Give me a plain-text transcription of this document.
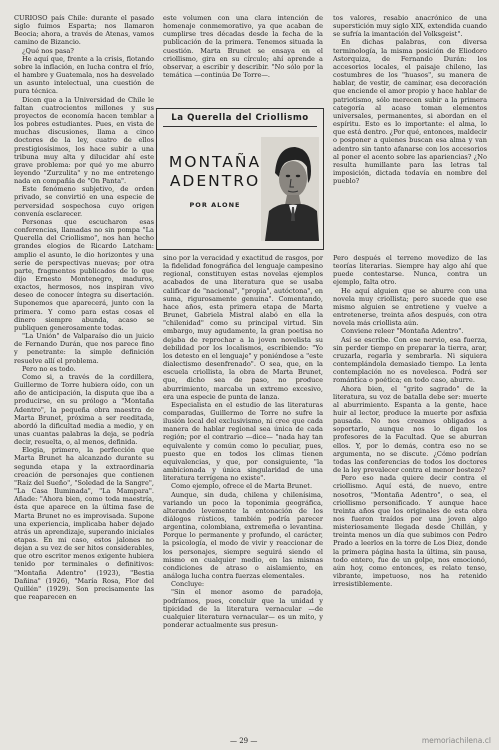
CURIOSO país Chile: durante el pasado siglo fuimos Esparta; nos llamaron Beocia; ahora, a través de Atenas, vamos camino de Bizancio.

¿Qué nos pasa?

He aquí que, frente a la crisis, flotando sobre la inflación, en lucha contra el frío, el hambre y Guatemala, nos ha desvelado un asunto intelectual, una cuestión de pura técnica.

Dicen que a la Universidad de Chile le faltan cuatrocientos millones y sus proyectos de economía hacen temblar a los pobres estudiantes. Pues, en vista de muchas discusiones, llama a cinco doctores de la ley, cuatro de ellos prestigiosísimos, los hace subir a una tribuna muy alta y dilucidar ahí este grave problema: por qué yo me aburro leyendo "Zurzulita" y no me entretengo nada en compañía de "On Panta".

Este fenómeno subjetivo, de orden privado, se convirtió en una especie de perversidad sospechosa cuyo origen convenía esclarecer.

Personas que escucharon esas conferencias, llamadas no sin pompa "La Querella del Criollismo", nos han hecho grandes elogios de Ricardo Latcham: amplio el asunto, le dio horizontes y una serie de perspectivas nuevas; por otra parte, fragmentos publicados de lo que dijo Ernesto Montenegro, maduros, exactos, hermosos, nos inspiran vivo deseo de conocer íntegra su disertación. Suponemos que aparecerá, junto con la primera. Y como para estas cosas el dinero siempre abunda, acaso se publiquen generosamente todas.

"La Unión" de Valparaíso dio un juicio de Fernando Durán, que nos parece fino y penetrante: la simple definición resuelve allí el problema.

Pero no es todo.

Como si, a través de la cordillera, Guillermo de Torre hubiera oído, con un año de anticipación, la disputa que iba a producirse, en su prólogo a "Montaña Adentro", la pequeña obra maestra de Marta Brunet, próxima a ser reeditada, abordó la dificultad media a medio, y en unas cuantas palabras la deja, se podría decir, resuelta, o, al menos, definida.

Elogia, primero, la perfección que Marta Brunet ha alcanzado durante su segunda etapa y la extraordinaria creación de personajes que contienen "Raíz del Sueño", "Soledad de la Sangre", "La Casa Iluminada", "La Mampara". Añade: "Ahora bien, como toda maestría, ésta que aparece en la última fase de Marta Brunet no es improvisada. Supone una experiencia, implicaba haber dejado atrás un aprendizaje, superando iniciales etapas. En mi caso, estos jalones no dejan a su vez de ser hitos considerables, que otro escritor menos exigente hubiera tenido por terminales o definitivos: "Montaña Adentro" (1923), "Bestia Dañina" (1926), "María Rosa, Flor del Quillén" (1929). Son precisamente las que reaparecen en

este volumen con una clara intención de homenaje conmemorativo, ya que acaban de cumplirse tres décadas desde la fecha de la publicación de la primera. Tenemos situada la cuestión. Marta Brunet se ensaya en el criollismo, gira en su círculo; ahí aprende a observar, a escribir y describir. "No sólo por la temática —continúa De Torre—.

tos valores, resabio anacrónico de una superstición muy siglo XIX, extendida cuando se sufría la imantación del Volksgeist".

En dichas palabras, con diversa terminología, la misma posición de Eliodoro Astorquiza, de Fernando Durán: los accesorios locales, el paisaje chileno, las costumbres de los "huasos", su manera de hablar, de vestir, de caminar, esa decoración que enciende el amor propio y hace hablar de patriotismo, sólo merecen subir a la primera categoría al acaso toman elementos universales, permanentes, si abordan en el espíritu. Esto es lo importante: el alma, lo que está dentro. ¿Por qué, entonces, maldecir o posponer a quienes buscan esa alma y van adentro sin tanto afanarse con los accesorios al poner el acento sobre las apariencias? ¿No resulta humillante para las letras tal imposición, dictada todavía en nombre del pueblo?

La Querella del Criollismo
MONTAÑA
ADENTRO
POR ALONE

sino por la veracidad y exactitud de rasgos, por la fidelidad fonográfica del lenguaje campesino regional, constituyen estas novelas ejemplos acabados de una literatura que se usaba calificar de "nacional", "propia", autóctona", en suma, rigurosamente genuina". Comentando, hace años, esta primera etapa de Marta Brunet, Gabriela Mistral alabó en ella la "chilenidad" como su principal virtud. Sin embargo, muy agudamente, la gran poetisa no dejaba de reprochar a la joven novelista su debilidad por los localismos, escribiendo: "Yo los detesto en el lenguaje" y poniéndose a "este dialectismo desenfrenado". O sea, que, en la escuela criollista, la obra de Marta Brunet, que, dicho sea de paso, no produce aburrimiento, marcaba un extremo excesivo, era una especie de punta de lanza.

Especialista en el estudio de las literaturas comparadas, Guillermo de Torre no sufre la ilusión local del exclusivismo, ni cree que cada manera de hablar regional sea única de cada región; por el contrario —dice— "nada hay tan equivalente y común como lo peculiar, pues, puesto que en todos los climas tienen equivalencias, y que, por consiguiente, "la ambicionada y única singularidad de una literatura terrígena no existe".

Como ejemplo, ofrece el de Marta Brunet.

Aunque, sin duda, chilena y chilenísima, variando un poco la toponimia geográfica, alterando levemente la entonación de los diálogos rústicos, también podría parecer argentina, colombiana, extremeña o levantina. Porque lo permanente y profundo, el carácter, la psicología, el modo de vivir y reaccionar de los personajes, siempre seguirá siendo el mismo en cualquier medio, en las mismas condiciones de atraso o aislamiento, en análoga lucha contra fuerzas elementales.

Concluye:

"Sin el menor asomo de paradoja, podríamos, pues, concluir que la unidad y tipicidad de la literatura vernacular —de cualquier literatura vernacular— es un mito, y ponderar actualmente sus presun-

Pero después el terreno movedizo de las teorías literarias. Siempre hay algo ahí que puede contestarse. Nunca, contra un ejemplo, falta otro.

He aquí alguien que se aburre con una novela muy criollista; pero sucede que ese mismo alguien se entretiene y vuelve a entretenerse, treinta años después, con otra novela más criollista aún.

Conviene releer "Montaña Adentro".

Así se escribe. Con ese nervio, esa fuerza, sin perder tiempo en preparar la tierra, arar, cruzarla, regarla y sembrarla. Ni siquiera contemplándola demasiado tiempo. La lenta contemplación no es novelesca. Podrá ser romántica o poética; en todo caso, aburre.

Ahora bien, el "grito sagrado" de la literatura, su voz de batalla debe ser: muerte al aburrimiento. Espanta a la gente, hace huir al lector, produce la muerte por asfixia pausada. No nos creamos obligados a soportarlo, aunque nos lo digan los profesores de la Facultad. Que se aburran ellos. Y, por lo demás, contra eso no se argumenta, no se discute. ¿Cómo podrían todas las conferencias de todos los doctores de la ley prevalecer contra el menor bostezo?

Pero eso nada quiere decir contra el criollismo. Aquí está, de nuevo, entre nosotros, "Montaña Adentro", o sea, el criollismo personificado. Y aunque hace treinta años que los originales de esta obra nos fueron traídos por una joven algo misteriosamente llegada desde Chillán, y treinta menos un día que subimos con Pedro Prado a leerlos en la torre de Los Diez, donde la primera página hasta la última, sin pausa, todo entero, fue de un golpe, nos emocionó, aún hoy, como entonces, es relato tenso, vibrante, impetuoso, nos ha retenido irresistiblemente.

— 29 —	memoriachilena.cl
